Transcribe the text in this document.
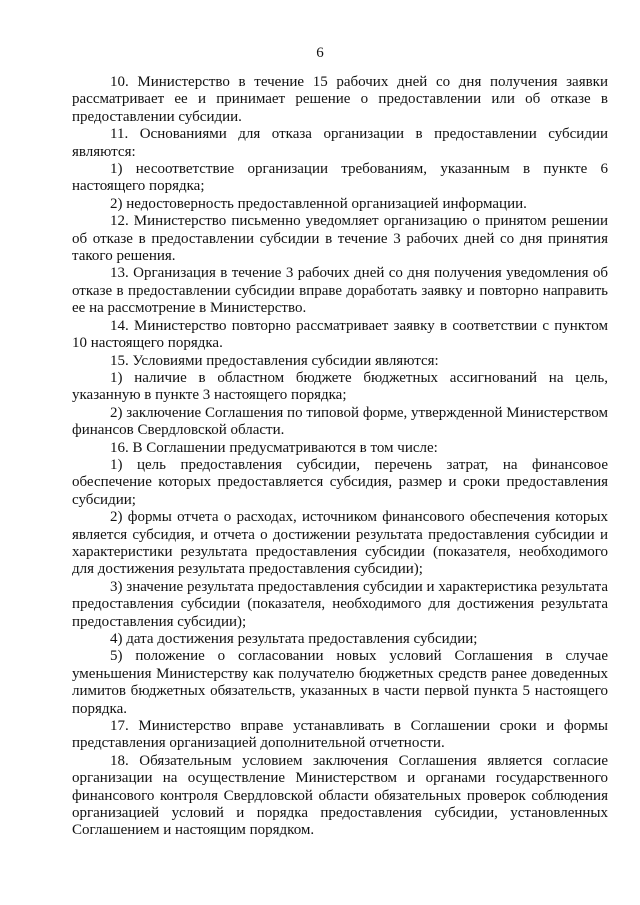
6

10. Министерство в течение 15 рабочих дней со дня получения заявки рассматривает ее и принимает решение о предоставлении или об отказе в предоставлении субсидии.

11. Основаниями для отказа организации в предоставлении субсидии являются:

1) несоответствие организации требованиям, указанным в пункте 6 настоящего порядка;

2) недостоверность предоставленной организацией информации.

12. Министерство письменно уведомляет организацию о принятом решении об отказе в предоставлении субсидии в течение 3 рабочих дней со дня принятия такого решения.

13. Организация в течение 3 рабочих дней со дня получения уведомления об отказе в предоставлении субсидии вправе доработать заявку и повторно направить ее на рассмотрение в Министерство.

14. Министерство повторно рассматривает заявку в соответствии с пунктом 10 настоящего порядка.

15. Условиями предоставления субсидии являются:

1) наличие в областном бюджете бюджетных ассигнований на цель, указанную в пункте 3 настоящего порядка;

2) заключение Соглашения по типовой форме, утвержденной Министерством финансов Свердловской области.

16. В Соглашении предусматриваются в том числе:

1) цель предоставления субсидии, перечень затрат, на финансовое обеспечение которых предоставляется субсидия, размер и сроки предоставления субсидии;

2) формы отчета о расходах, источником финансового обеспечения которых является субсидия, и отчета о достижении результата предоставления субсидии и характеристики результата предоставления субсидии (показателя, необходимого для достижения результата предоставления субсидии);

3) значение результата предоставления субсидии и характеристика результата предоставления субсидии (показателя, необходимого для достижения результата предоставления субсидии);

4) дата достижения результата предоставления субсидии;

5) положение о согласовании новых условий Соглашения в случае уменьшения Министерству как получателю бюджетных средств ранее доведенных лимитов бюджетных обязательств, указанных в части первой пункта 5 настоящего порядка.

17. Министерство вправе устанавливать в Соглашении сроки и формы представления организацией дополнительной отчетности.

18. Обязательным условием заключения Соглашения является согласие организации на осуществление Министерством и органами государственного финансового контроля Свердловской области обязательных проверок соблюдения организацией условий и порядка предоставления субсидии, установленных Соглашением и настоящим порядком.
